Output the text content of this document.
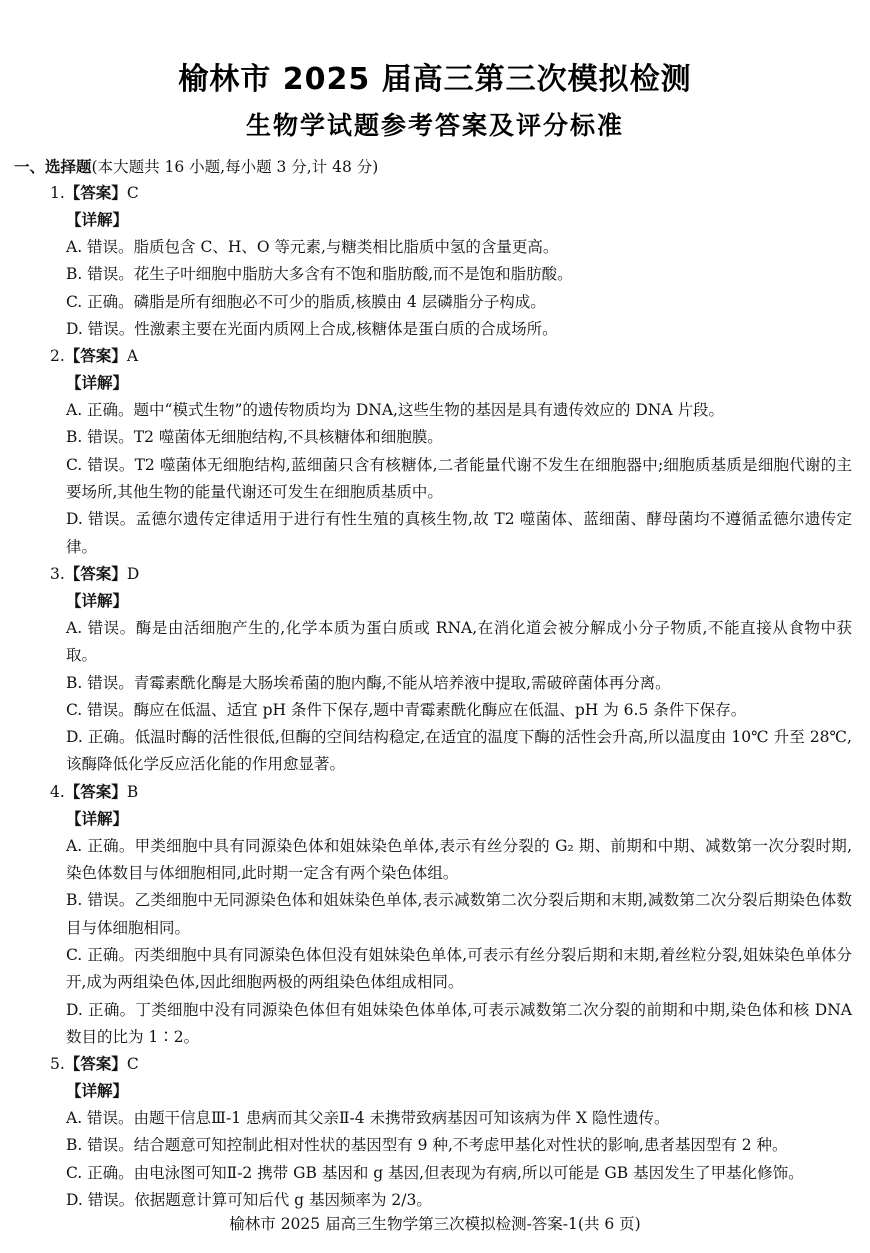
榆林市 2025 届高三第三次模拟检测
生物学试题参考答案及评分标准
一、选择题(本大题共 16 小题,每小题 3 分,计 48 分)
1.【答案】C
【详解】
A. 错误。脂质包含 C、H、O 等元素,与糖类相比脂质中氢的含量更高。
B. 错误。花生子叶细胞中脂肪大多含有不饱和脂肪酸,而不是饱和脂肪酸。
C. 正确。磷脂是所有细胞必不可少的脂质,核膜由 4 层磷脂分子构成。
D. 错误。性激素主要在光面内质网上合成,核糖体是蛋白质的合成场所。
2.【答案】A
【详解】
A. 正确。题中“模式生物”的遗传物质均为 DNA,这些生物的基因是具有遗传效应的 DNA 片段。
B. 错误。T2 噬菌体无细胞结构,不具核糖体和细胞膜。
C. 错误。T2 噬菌体无细胞结构,蓝细菌只含有核糖体,二者能量代谢不发生在细胞器中;细胞质基质是细胞代谢的主要场所,其他生物的能量代谢还可发生在细胞质基质中。
D. 错误。孟德尔遗传定律适用于进行有性生殖的真核生物,故 T2 噬菌体、蓝细菌、酵母菌均不遵循孟德尔遗传定律。
3.【答案】D
【详解】
A. 错误。酶是由活细胞产生的,化学本质为蛋白质或 RNA,在消化道会被分解成小分子物质,不能直接从食物中获取。
B. 错误。青霉素酰化酶是大肠埃希菌的胞内酶,不能从培养液中提取,需破碎菌体再分离。
C. 错误。酶应在低温、适宜 pH 条件下保存,题中青霉素酰化酶应在低温、pH 为 6.5 条件下保存。
D. 正确。低温时酶的活性很低,但酶的空间结构稳定,在适宜的温度下酶的活性会升高,所以温度由 10℃ 升至 28℃,该酶降低化学反应活化能的作用愈显著。
4.【答案】B
【详解】
A. 正确。甲类细胞中具有同源染色体和姐妹染色单体,表示有丝分裂的 G₂ 期、前期和中期、减数第一次分裂时期,染色体数目与体细胞相同,此时期一定含有两个染色体组。
B. 错误。乙类细胞中无同源染色体和姐妹染色单体,表示减数第二次分裂后期和末期,减数第二次分裂后期染色体数目与体细胞相同。
C. 正确。丙类细胞中具有同源染色体但没有姐妹染色单体,可表示有丝分裂后期和末期,着丝粒分裂,姐妹染色单体分开,成为两组染色体,因此细胞两极的两组染色体组成相同。
D. 正确。丁类细胞中没有同源染色体但有姐妹染色体单体,可表示减数第二次分裂的前期和中期,染色体和核 DNA 数目的比为 1∶2。
5.【答案】C
【详解】
A. 错误。由题干信息Ⅲ-1 患病而其父亲Ⅱ-4 未携带致病基因可知该病为伴 X 隐性遗传。
B. 错误。结合题意可知控制此相对性状的基因型有 9 种,不考虑甲基化对性状的影响,患者基因型有 2 种。
C. 正确。由电泳图可知Ⅱ-2 携带 GB 基因和 g 基因,但表现为有病,所以可能是 GB 基因发生了甲基化修饰。
D. 错误。依据题意计算可知后代 g 基因频率为 2/3。
榆林市 2025 届高三生物学第三次模拟检测-答案-1(共 6 页)
